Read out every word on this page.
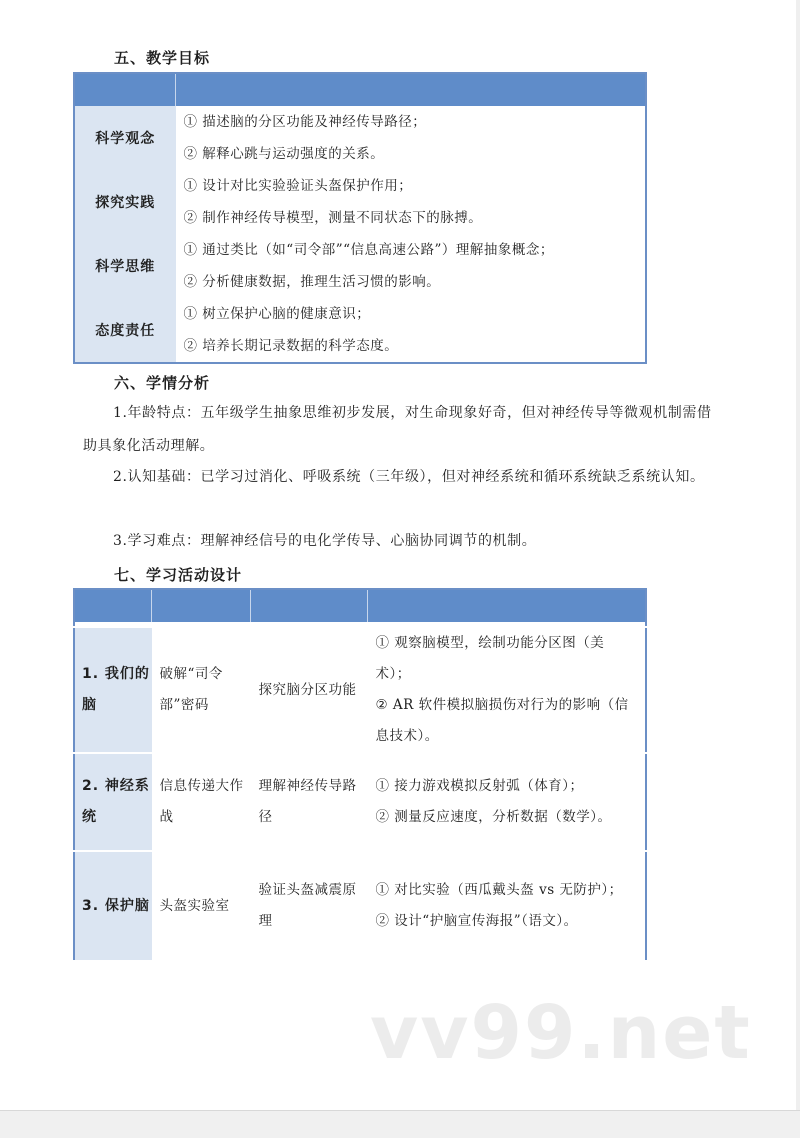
五、教学目标

科学观念	① 描述脑的分区功能及神经传导路径；
② 解释心跳与运动强度的关系。

探究实践	① 设计对比实验验证头盔保护作用；
② 制作神经传导模型，测量不同状态下的脉搏。

科学思维	① 通过类比（如“司令部”“信息高速公路”）理解抽象概念；
② 分析健康数据，推理生活习惯的影响。

态度责任	① 树立保护心脑的健康意识；
② 培养长期记录数据的科学态度。
六、学情分析
1.年龄特点：五年级学生抽象思维初步发展，对生命现象好奇，但对神经传导等微观机制需借助具象化活动理解。
2.认知基础：已学习过消化、呼吸系统（三年级），但对神经系统和循环系统缺乏系统认知。
3.学习难点：理解神经信号的电化学传导、心脑协同调节的机制。
七、学习活动设计

1. 我们的脑	破解“司令部”密码	探究脑分区功能	① 观察脑模型，绘制功能分区图（美术）；
② AR 软件模拟脑损伤对行为的影响（信息技术）。

2. 神经系统	信息传递大作战	理解神经传导路径	① 接力游戏模拟反射弧（体育）；
② 测量反应速度，分析数据（数学）。

3. 保护脑	头盔实验室	验证头盔减震原理	① 对比实验（西瓜戴头盔 vs 无防护）；
② 设计“护脑宣传海报”（语文）。
vv99.net
